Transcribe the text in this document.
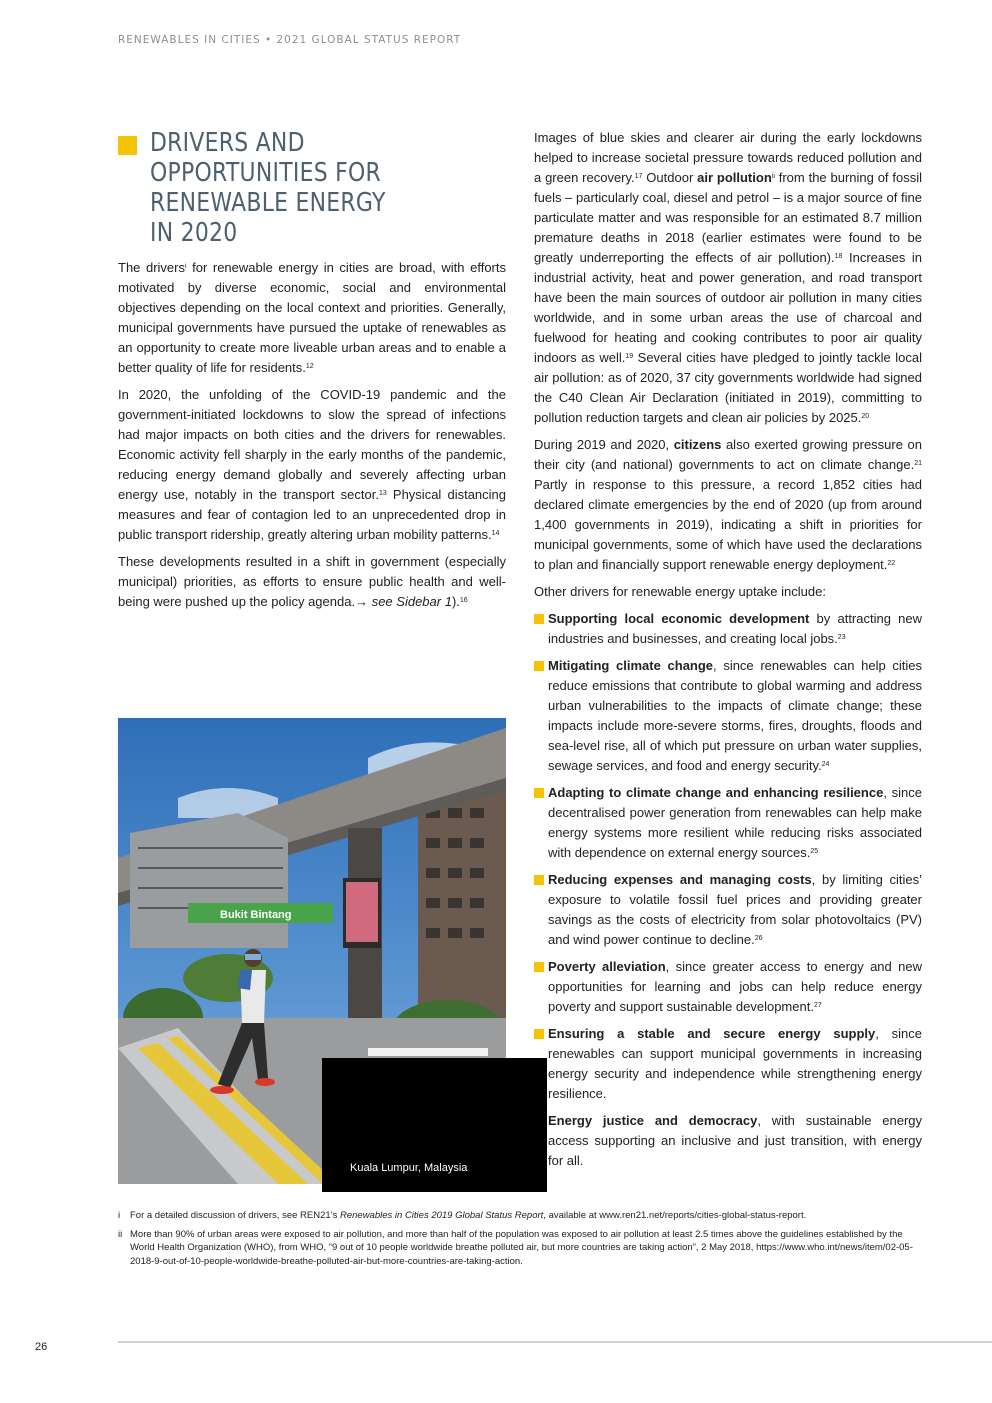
RENEWABLES IN CITIES • 2021 GLOBAL STATUS REPORT
DRIVERS AND OPPORTUNITIES FOR RENEWABLE ENERGY IN 2020

The drivers$^i$ for renewable energy in cities are broad, with efforts motivated by diverse economic, social and environmental objectives depending on the local context and priorities. Generally, municipal governments have pursued the uptake of renewables as an opportunity to create more liveable urban areas and to enable a better quality of life for residents.$^{12}$

In 2020, the unfolding of the COVID-19 pandemic and the government-initiated lockdowns to slow the spread of infections had major impacts on both cities and the drivers for renewables. Economic activity fell sharply in the early months of the pandemic, reducing energy demand globally and severely affecting urban energy use, notably in the transport sector.$^{13}$ Physical distancing measures and fear of contagion led to an unprecedented drop in public transport ridership, greatly altering urban mobility patterns.$^{14}$

These developments resulted in a shift in government (especially municipal) priorities, as efforts to ensure public health and well-being were pushed up the policy agenda.→ see Sidebar 1).$^{16}$

Bukit Bintang
Kuala Lumpur, Malaysia

Images of blue skies and clearer air during the early lockdowns helped to increase societal pressure towards reduced pollution and a green recovery.$^{17}$ Outdoor air pollution$^{ii}$ from the burning of fossil fuels – particularly coal, diesel and petrol – is a major source of fine particulate matter and was responsible for an estimated 8.7 million premature deaths in 2018 (earlier estimates were found to be greatly underreporting the effects of air pollution).$^{18}$ Increases in industrial activity, heat and power generation, and road transport have been the main sources of outdoor air pollution in many cities worldwide, and in some urban areas the use of charcoal and fuelwood for heating and cooking contributes to poor air quality indoors as well.$^{19}$ Several cities have pledged to jointly tackle local air pollution: as of 2020, 37 city governments worldwide had signed the C40 Clean Air Declaration (initiated in 2019), committing to pollution reduction targets and clean air policies by 2025.20

During 2019 and 2020, citizens also exerted growing pressure on their city (and national) governments to act on climate change.$^{21}$ Partly in response to this pressure, a record 1,852 cities had declared climate emergencies by the end of 2020 (up from around 1,400 governments in 2019), indicating a shift in priorities for municipal governments, some of which have used the declarations to plan and financially support renewable energy deployment.$^{22}$

Other drivers for renewable energy uptake include:

Supporting local economic development by attracting new industries and businesses, and creating local jobs.$^{23}$
Mitigating climate change, since renewables can help cities reduce emissions that contribute to global warming and address urban vulnerabilities to the impacts of climate change; these impacts include more-severe storms, fires, droughts, floods and sea-level rise, all of which put pressure on urban water supplies, sewage services, and food and energy security.$^{24}$
Adapting to climate change and enhancing resilience, since decentralised power generation from renewables can help make energy systems more resilient while reducing risks associated with dependence on external energy sources.$^{25}$
Reducing expenses and managing costs, by limiting cities’ exposure to volatile fossil fuel prices and providing greater savings as the costs of electricity from solar photovoltaics (PV) and wind power continue to decline.$^{26}$
Poverty alleviation, since greater access to energy and new opportunities for learning and jobs can help reduce energy poverty and support sustainable development.$^{27}$
Ensuring a stable and secure energy supply, since renewables can support municipal governments in increasing energy security and independence while strengthening energy resilience.
Energy justice and democracy, with sustainable energy access supporting an inclusive and just transition, with energy for all.
i For a detailed discussion of drivers, see REN21’s Renewables in Cities 2019 Global Status Report, available at www.ren21.net/reports/cities-global-status-report.
ii More than 90% of urban areas were exposed to air pollution, and more than half of the population was exposed to air pollution at least 2.5 times above the guidelines established by the World Health Organization (WHO), from WHO, “9 out of 10 people worldwide breathe polluted air, but more countries are taking action”, 2 May 2018, https://www.who.int/news/item/02-05-2018-9-out-of-10-people-worldwide-breathe-polluted-air-but-more-countries-are-taking-action.
26
